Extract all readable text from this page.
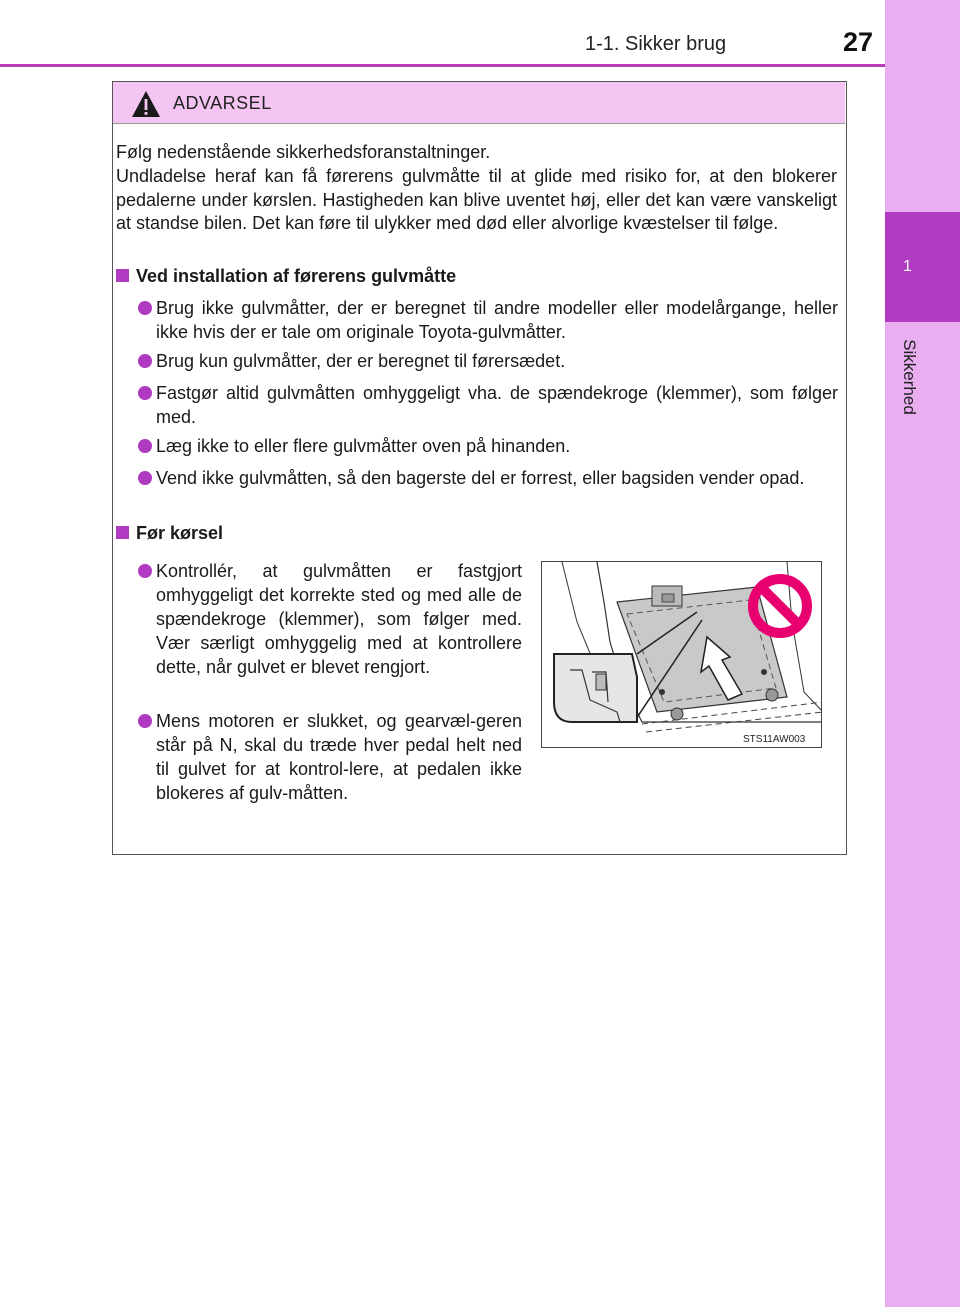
1-1. Sikker brug	27
1
Sikkerhed
ADVARSEL

Følg nedenstående sikkerhedsforanstaltninger.

Undladelse heraf kan få førerens gulvmåtte til at glide med risiko for, at den blokerer pedalerne under kørslen. Hastigheden kan blive uventet høj, eller det kan være vanskeligt at standse bilen. Det kan føre til ulykker med død eller alvorlige kvæstelser til følge.

Ved installation af førerens gulvmåtte
Brug ikke gulvmåtter, der er beregnet til andre modeller eller modelårgange, heller ikke hvis der er tale om originale Toyota-gulvmåtter.
Brug kun gulvmåtter, der er beregnet til førersædet.
Fastgør altid gulvmåtten omhyggeligt vha. de spændekroge (klemmer), som følger med.
Læg ikke to eller flere gulvmåtter oven på hinanden.
Vend ikke gulvmåtten, så den bagerste del er forrest, eller bagsiden vender opad.
Før kørsel
Kontrollér, at gulvmåtten er fastgjort omhyggeligt det korrekte sted og med alle de spændekroge (klemmer), som følger med. Vær særligt omhyggelig med at kontrollere dette, når gulvet er blevet rengjort.
Mens motoren er slukket, og gearvæl-geren står på N, skal du træde hver pedal helt ned til gulvet for at kontrol-lere, at pedalen ikke blokeres af gulv-måtten.
STS11AW003
